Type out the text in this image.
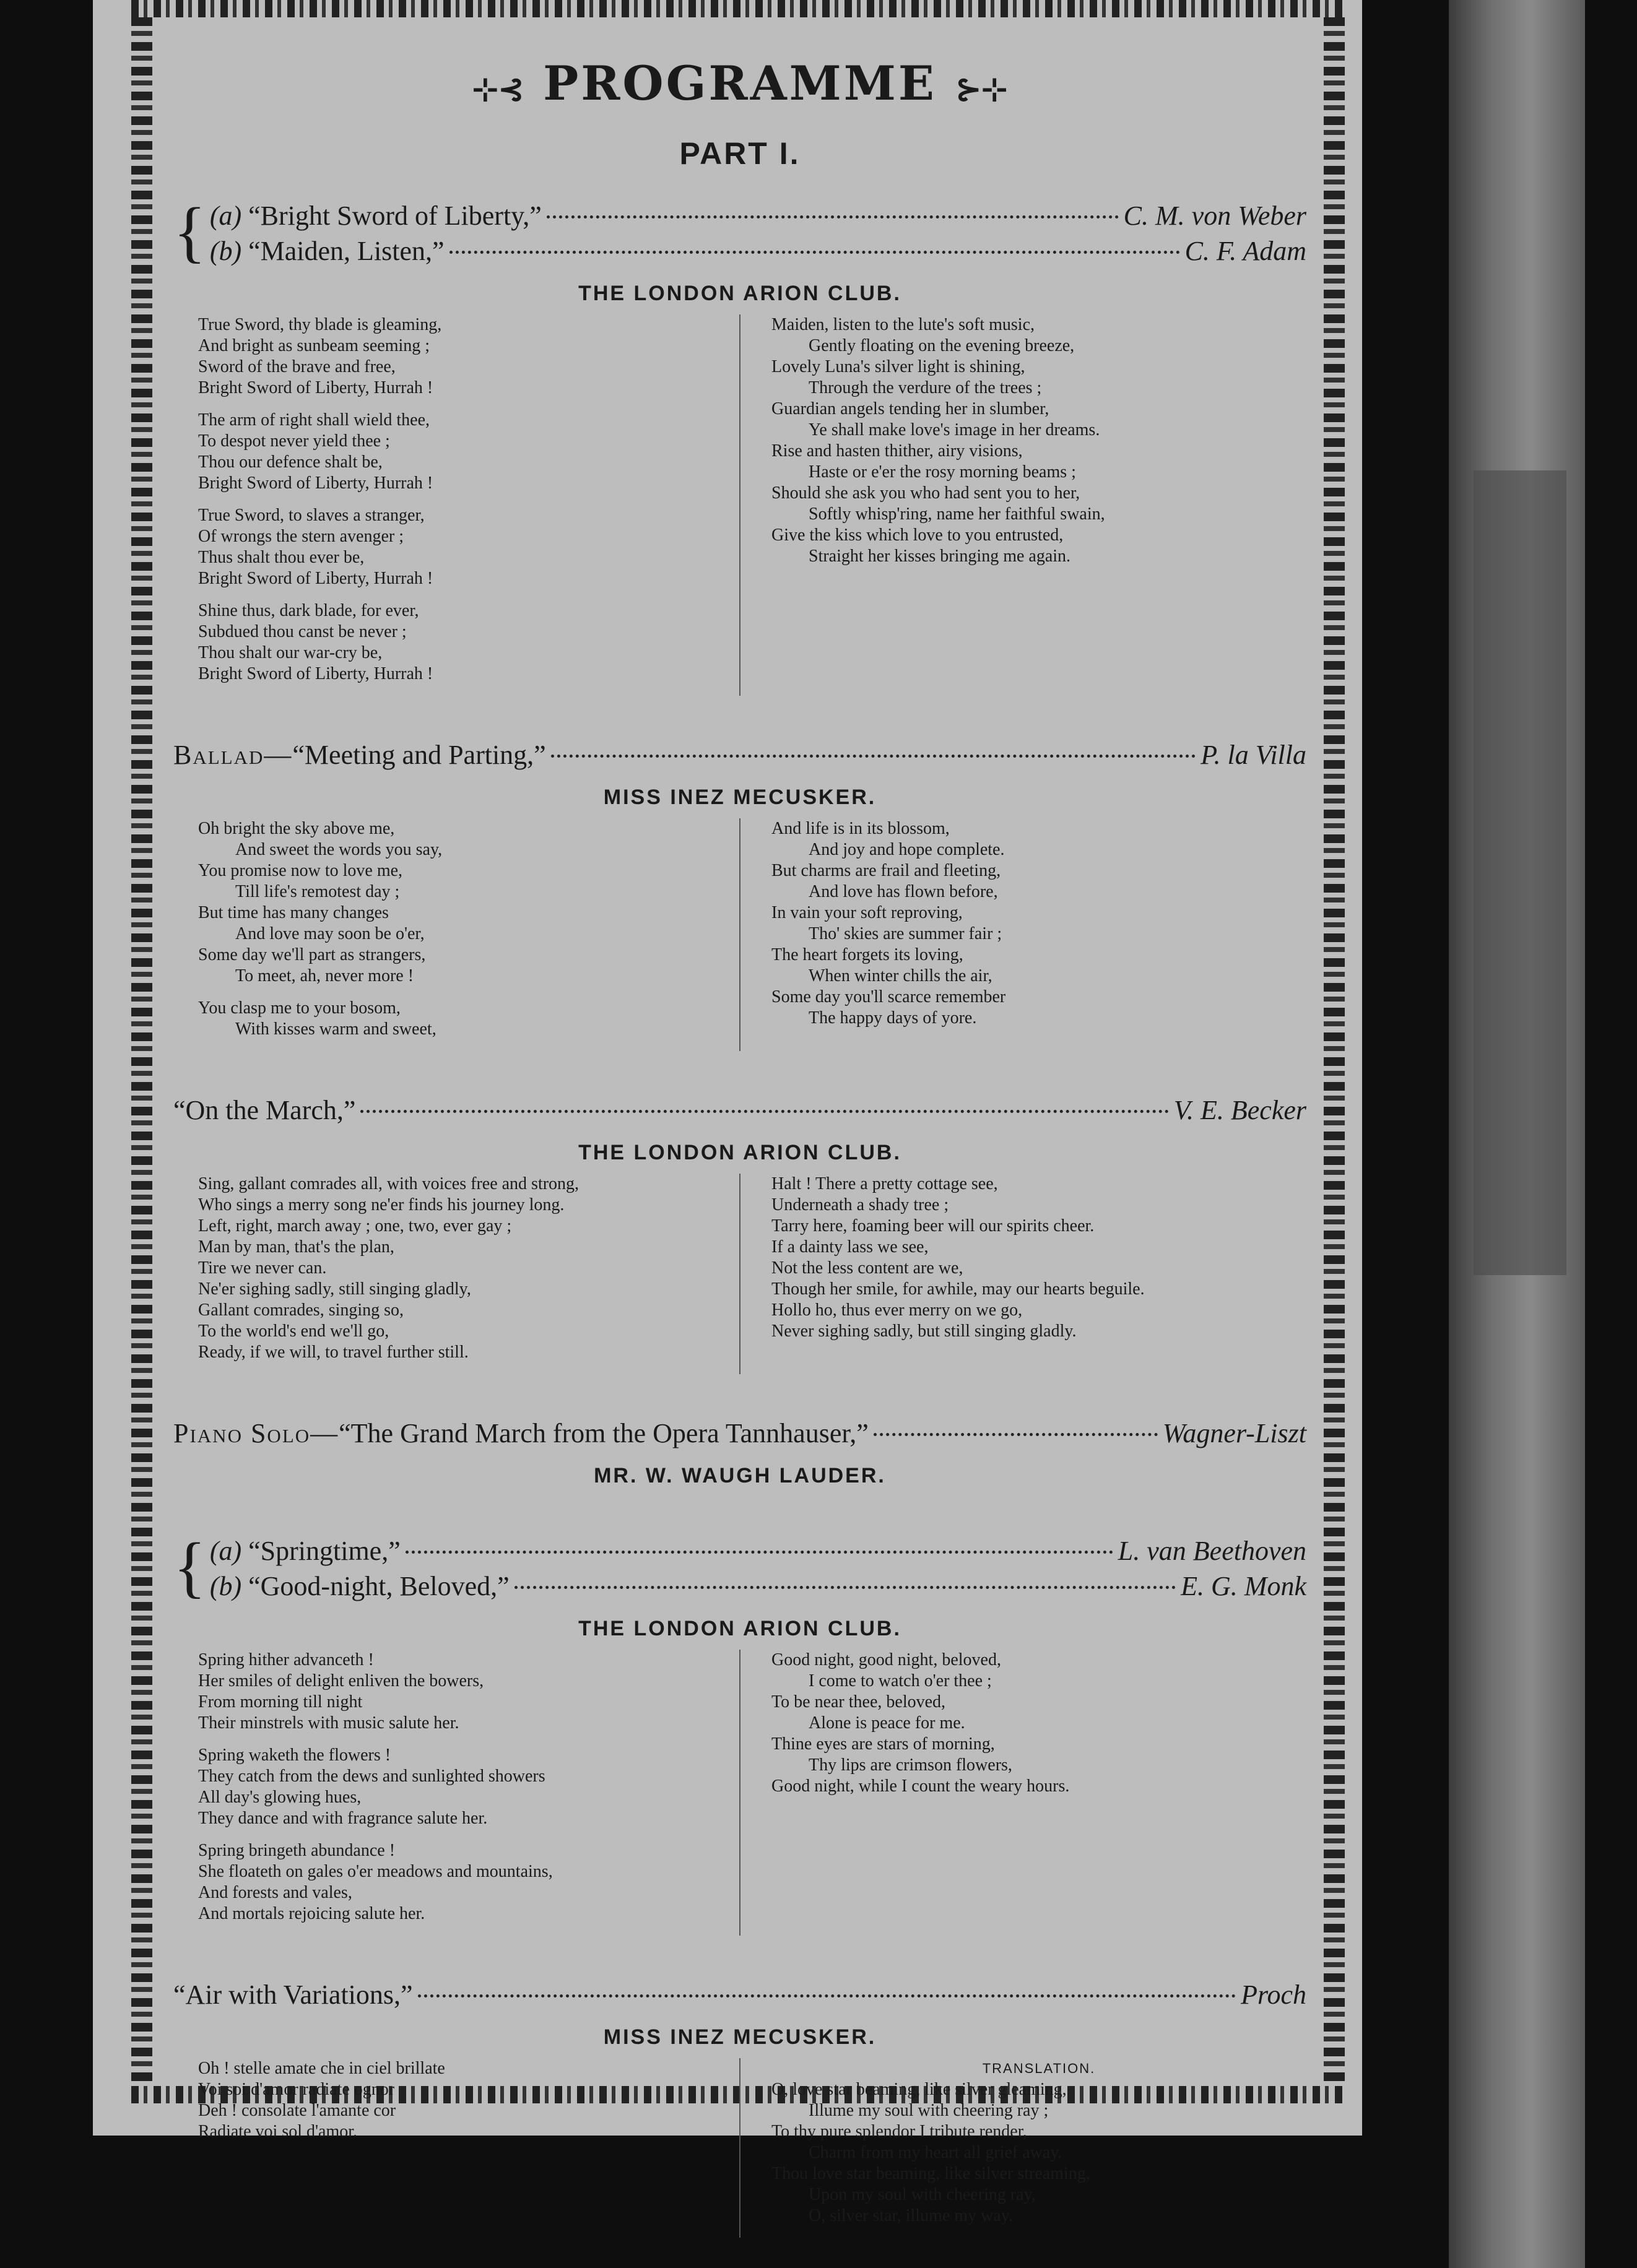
⊹⊰ PROGRAMME ⊱⊹
PART I.
{ (a) “Bright Sword of Liberty,”	C. M. von Weber
(b) “Maiden, Listen,”	C. F. Adam
THE LONDON ARION CLUB.
True Sword, thy blade is gleaming,
And bright as sunbeam seeming ;
Sword of the brave and free,
Bright Sword of Liberty, Hurrah !
The arm of right shall wield thee,
To despot never yield thee ;
Thou our defence shalt be,
Bright Sword of Liberty, Hurrah !
True Sword, to slaves a stranger,
Of wrongs the stern avenger ;
Thus shalt thou ever be,
Bright Sword of Liberty, Hurrah !
Shine thus, dark blade, for ever,
Subdued thou canst be never ;
Thou shalt our war-cry be,
Bright Sword of Liberty, Hurrah !
Maiden, listen to the lute's soft music,
Gently floating on the evening breeze,
Lovely Luna's silver light is shining,
Through the verdure of the trees ;
Guardian angels tending her in slumber,
Ye shall make love's image in her dreams.
Rise and hasten thither, airy visions,
Haste or e'er the rosy morning beams ;
Should she ask you who had sent you to her,
Softly whisp'ring, name her faithful swain,
Give the kiss which love to you entrusted,
Straight her kisses bringing me again.
Ballad—“Meeting and Parting,”	P. la Villa
MISS INEZ MECUSKER.
Oh bright the sky above me,
And sweet the words you say,
You promise now to love me,
Till life's remotest day ;
But time has many changes
And love may soon be o'er,
Some day we'll part as strangers,
To meet, ah, never more !
You clasp me to your bosom,
With kisses warm and sweet,
And life is in its blossom,
And joy and hope complete.
But charms are frail and fleeting,
And love has flown before,
In vain your soft reproving,
Tho' skies are summer fair ;
The heart forgets its loving,
When winter chills the air,
Some day you'll scarce remember
The happy days of yore.
“On the March,”	V. E. Becker
THE LONDON ARION CLUB.
Sing, gallant comrades all, with voices free and strong,
Who sings a merry song ne'er finds his journey long.
Left, right, march away ; one, two, ever gay ;
Man by man, that's the plan,
Tire we never can.
Ne'er sighing sadly, still singing gladly,
Gallant comrades, singing so,
To the world's end we'll go,
Ready, if we will, to travel further still.
Halt ! There a pretty cottage see,
Underneath a shady tree ;
Tarry here, foaming beer will our spirits cheer.
If a dainty lass we see,
Not the less content are we,
Though her smile, for awhile, may our hearts beguile.
Hollo ho, thus ever merry on we go,
Never sighing sadly, but still singing gladly.
Piano Solo—“The Grand March from the Opera Tannhauser,”	Wagner-Liszt
MR. W. WAUGH LAUDER.
{ (a) “Springtime,”	L. van Beethoven
(b) “Good-night, Beloved,”	E. G. Monk
THE LONDON ARION CLUB.
Spring hither advanceth !
Her smiles of delight enliven the bowers,
From morning till night
Their minstrels with music salute her.
Spring waketh the flowers !
They catch from the dews and sunlighted showers
All day's glowing hues,
They dance and with fragrance salute her.
Spring bringeth abundance !
She floateth on gales o'er meadows and mountains,
And forests and vales,
And mortals rejoicing salute her.
Good night, good night, beloved,
I come to watch o'er thee ;
To be near thee, beloved,
Alone is peace for me.
Thine eyes are stars of morning,
Thy lips are crimson flowers,
Good night, while I count the weary hours.
“Air with Variations,”	Proch
MISS INEZ MECUSKER.
Oh ! stelle amate che in ciel brillate
Voi soi d'amor radiate ognor
Deh ! consolate l'amante cor
Radiate voi sol d'amor.
TRANSLATION.
O, love star beaming, like silver gleaming,
Illume my soul with cheering ray ;
To thy pure splendor I tribute render,
Charm from my heart all grief away.
Thou love star beaming, like silver streaming,
Upon my soul with cheering ray,
O, silver star, illume my way.
